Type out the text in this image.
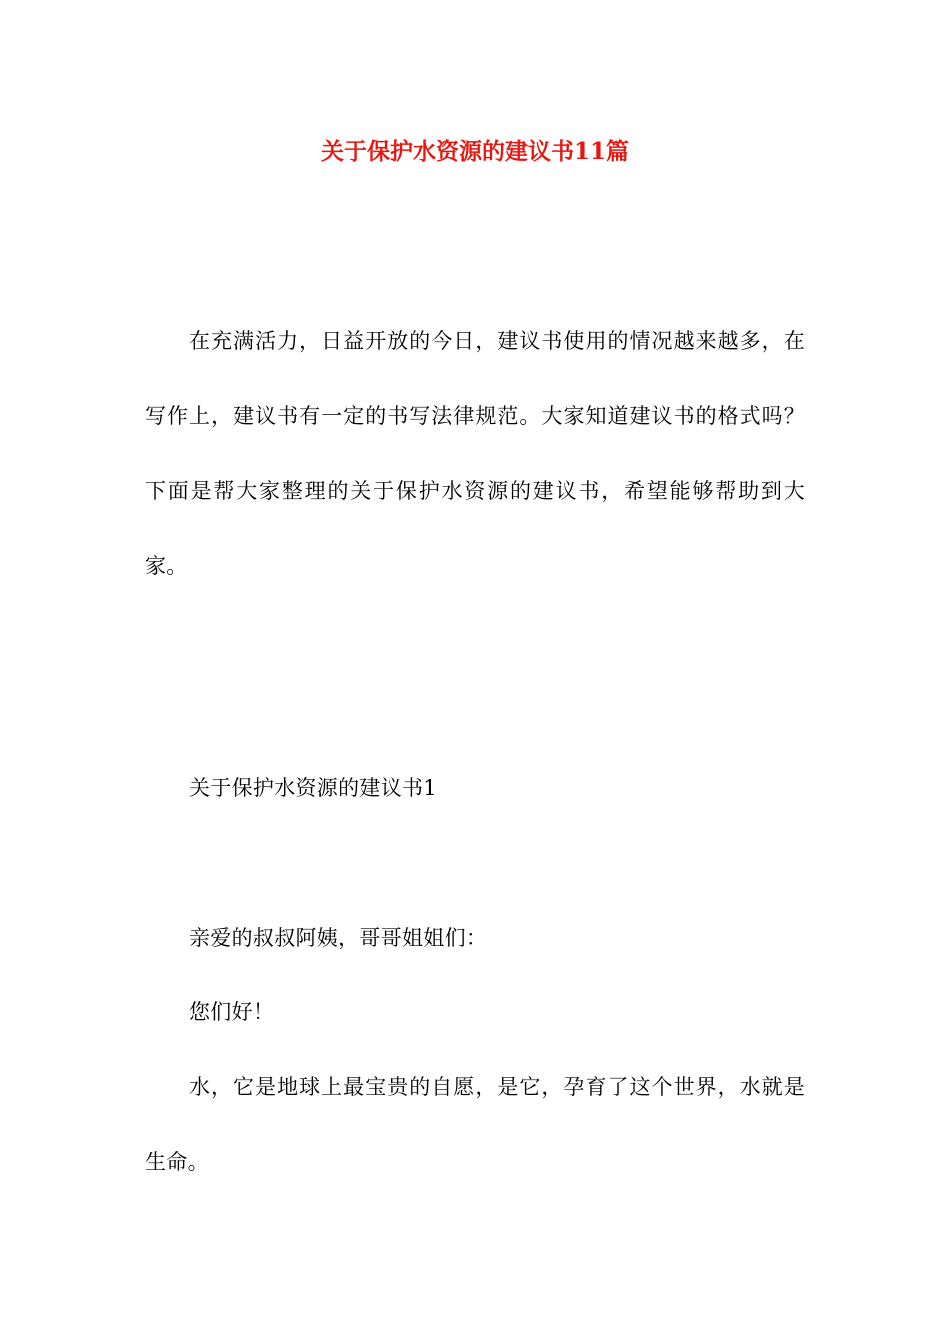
关于保护水资源的建议书11篇

在充满活力，日益开放的今日，建议书使用的情况越来越多，在写作上，建议书有一定的书写法律规范。大家知道建议书的格式吗？下面是帮大家整理的关于保护水资源的建议书，希望能够帮助到大家。

关于保护水资源的建议书1

亲爱的叔叔阿姨，哥哥姐姐们：

您们好！

水，它是地球上最宝贵的自愿，是它，孕育了这个世界，水就是生命。
